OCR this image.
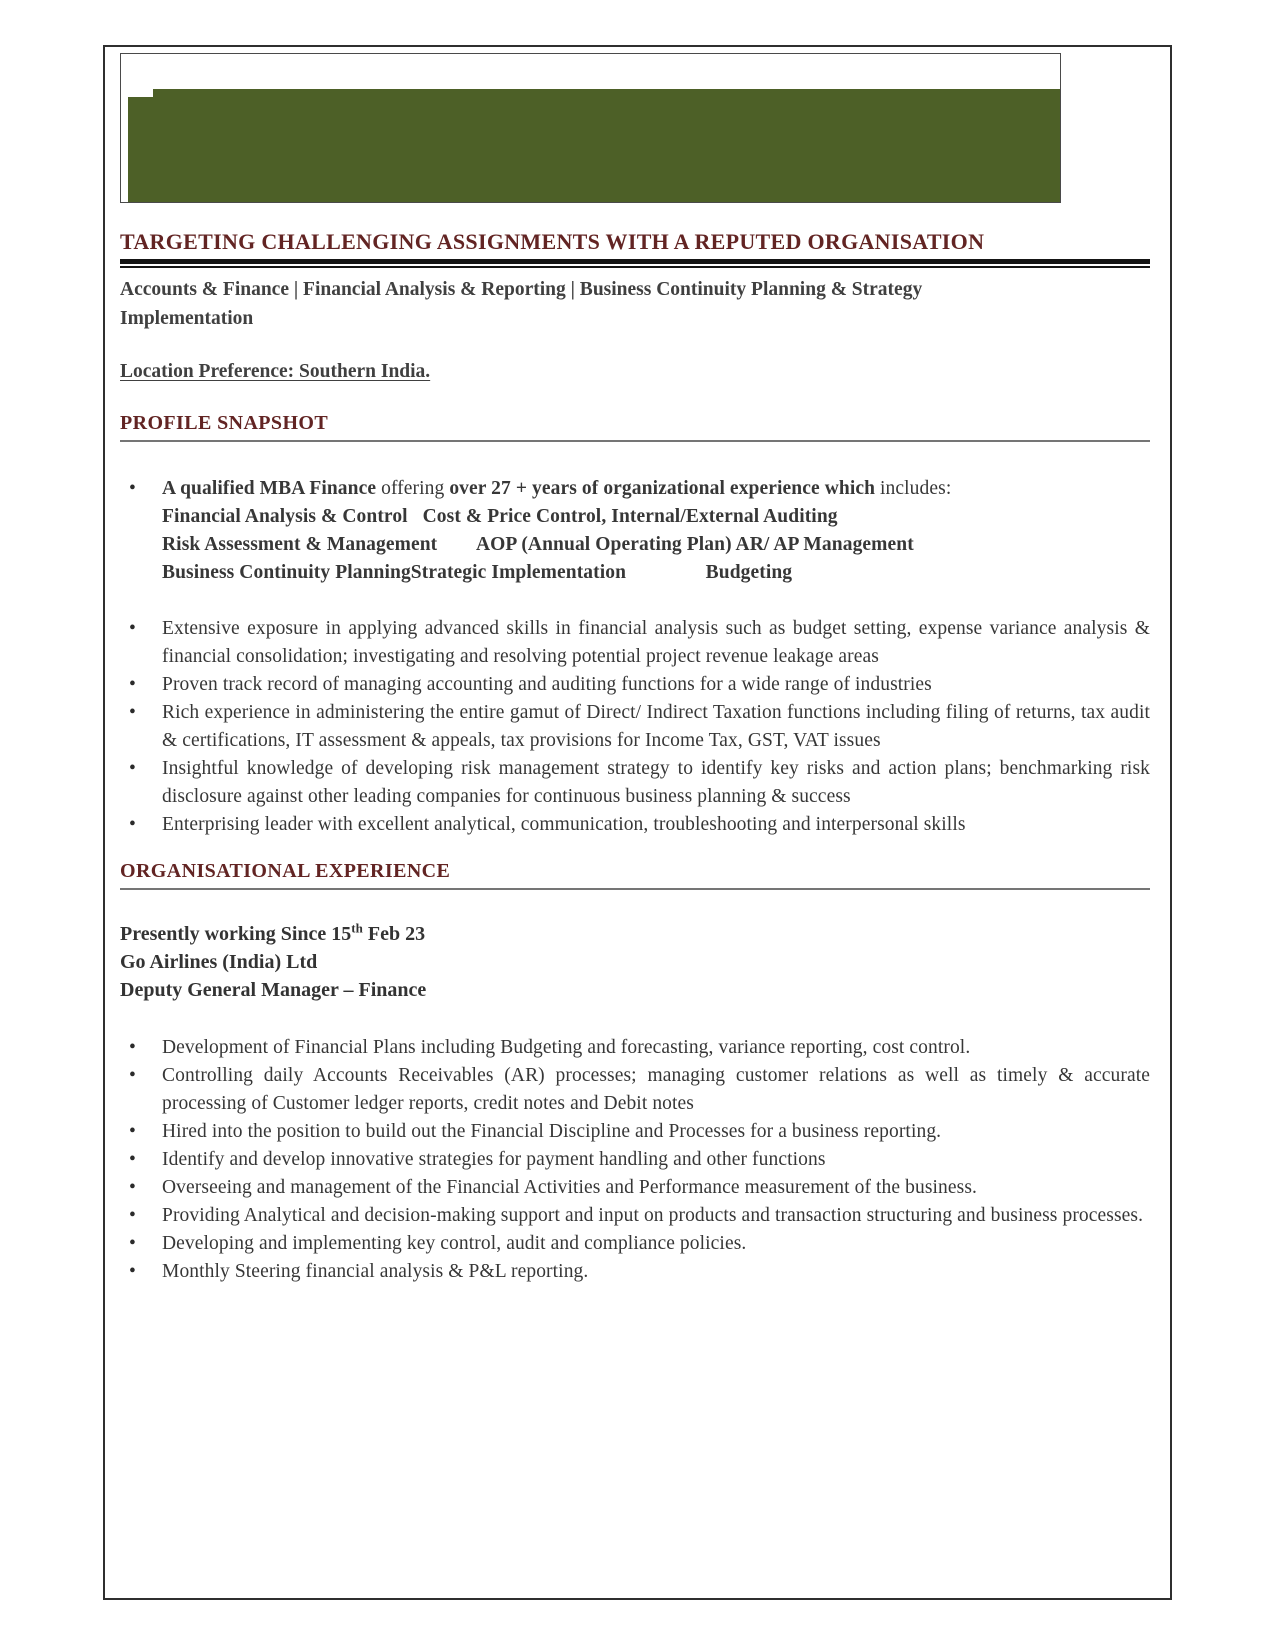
TARGETING CHALLENGING ASSIGNMENTS WITH A REPUTED ORGANISATION
Accounts & Finance | Financial Analysis & Reporting | Business Continuity Planning & Strategy
Implementation
Location Preference: Southern India.
PROFILE SNAPSHOT
• A qualified MBA Finance offering over 27 + years of organizational experience which includes:
Financial Analysis & Control   Cost & Price Control, Internal/External Auditing
Risk Assessment & Management        AOP (Annual Operating Plan) AR/ AP Management
Business Continuity PlanningStrategic Implementation                Budgeting
• Extensive exposure in applying advanced skills in financial analysis such as budget setting, expense variance analysis & financial consolidation; investigating and resolving potential project revenue leakage areas
• Proven track record of managing accounting and auditing functions for a wide range of industries
• Rich experience in administering the entire gamut of Direct/ Indirect Taxation functions including filing of returns, tax audit & certifications, IT assessment & appeals, tax provisions for Income Tax, GST, VAT issues
• Insightful knowledge of developing risk management strategy to identify key risks and action plans; benchmarking risk disclosure against other leading companies for continuous business planning & success
• Enterprising leader with excellent analytical, communication, troubleshooting and interpersonal skills
ORGANISATIONAL EXPERIENCE
Presently working Since 15th Feb 23
Go Airlines (India) Ltd
Deputy General Manager – Finance
• Development of Financial Plans including Budgeting and forecasting, variance reporting, cost control.
• Controlling daily Accounts Receivables (AR) processes; managing customer relations as well as timely & accurate processing of Customer ledger reports, credit notes and Debit notes
• Hired into the position to build out the Financial Discipline and Processes for a business reporting.
• Identify and develop innovative strategies for payment handling and other functions
• Overseeing and management of the Financial Activities and Performance measurement of the business.
• Providing Analytical and decision-making support and input on products and transaction structuring and business processes.
• Developing and implementing key control, audit and compliance policies.
• Monthly Steering financial analysis & P&L reporting.
